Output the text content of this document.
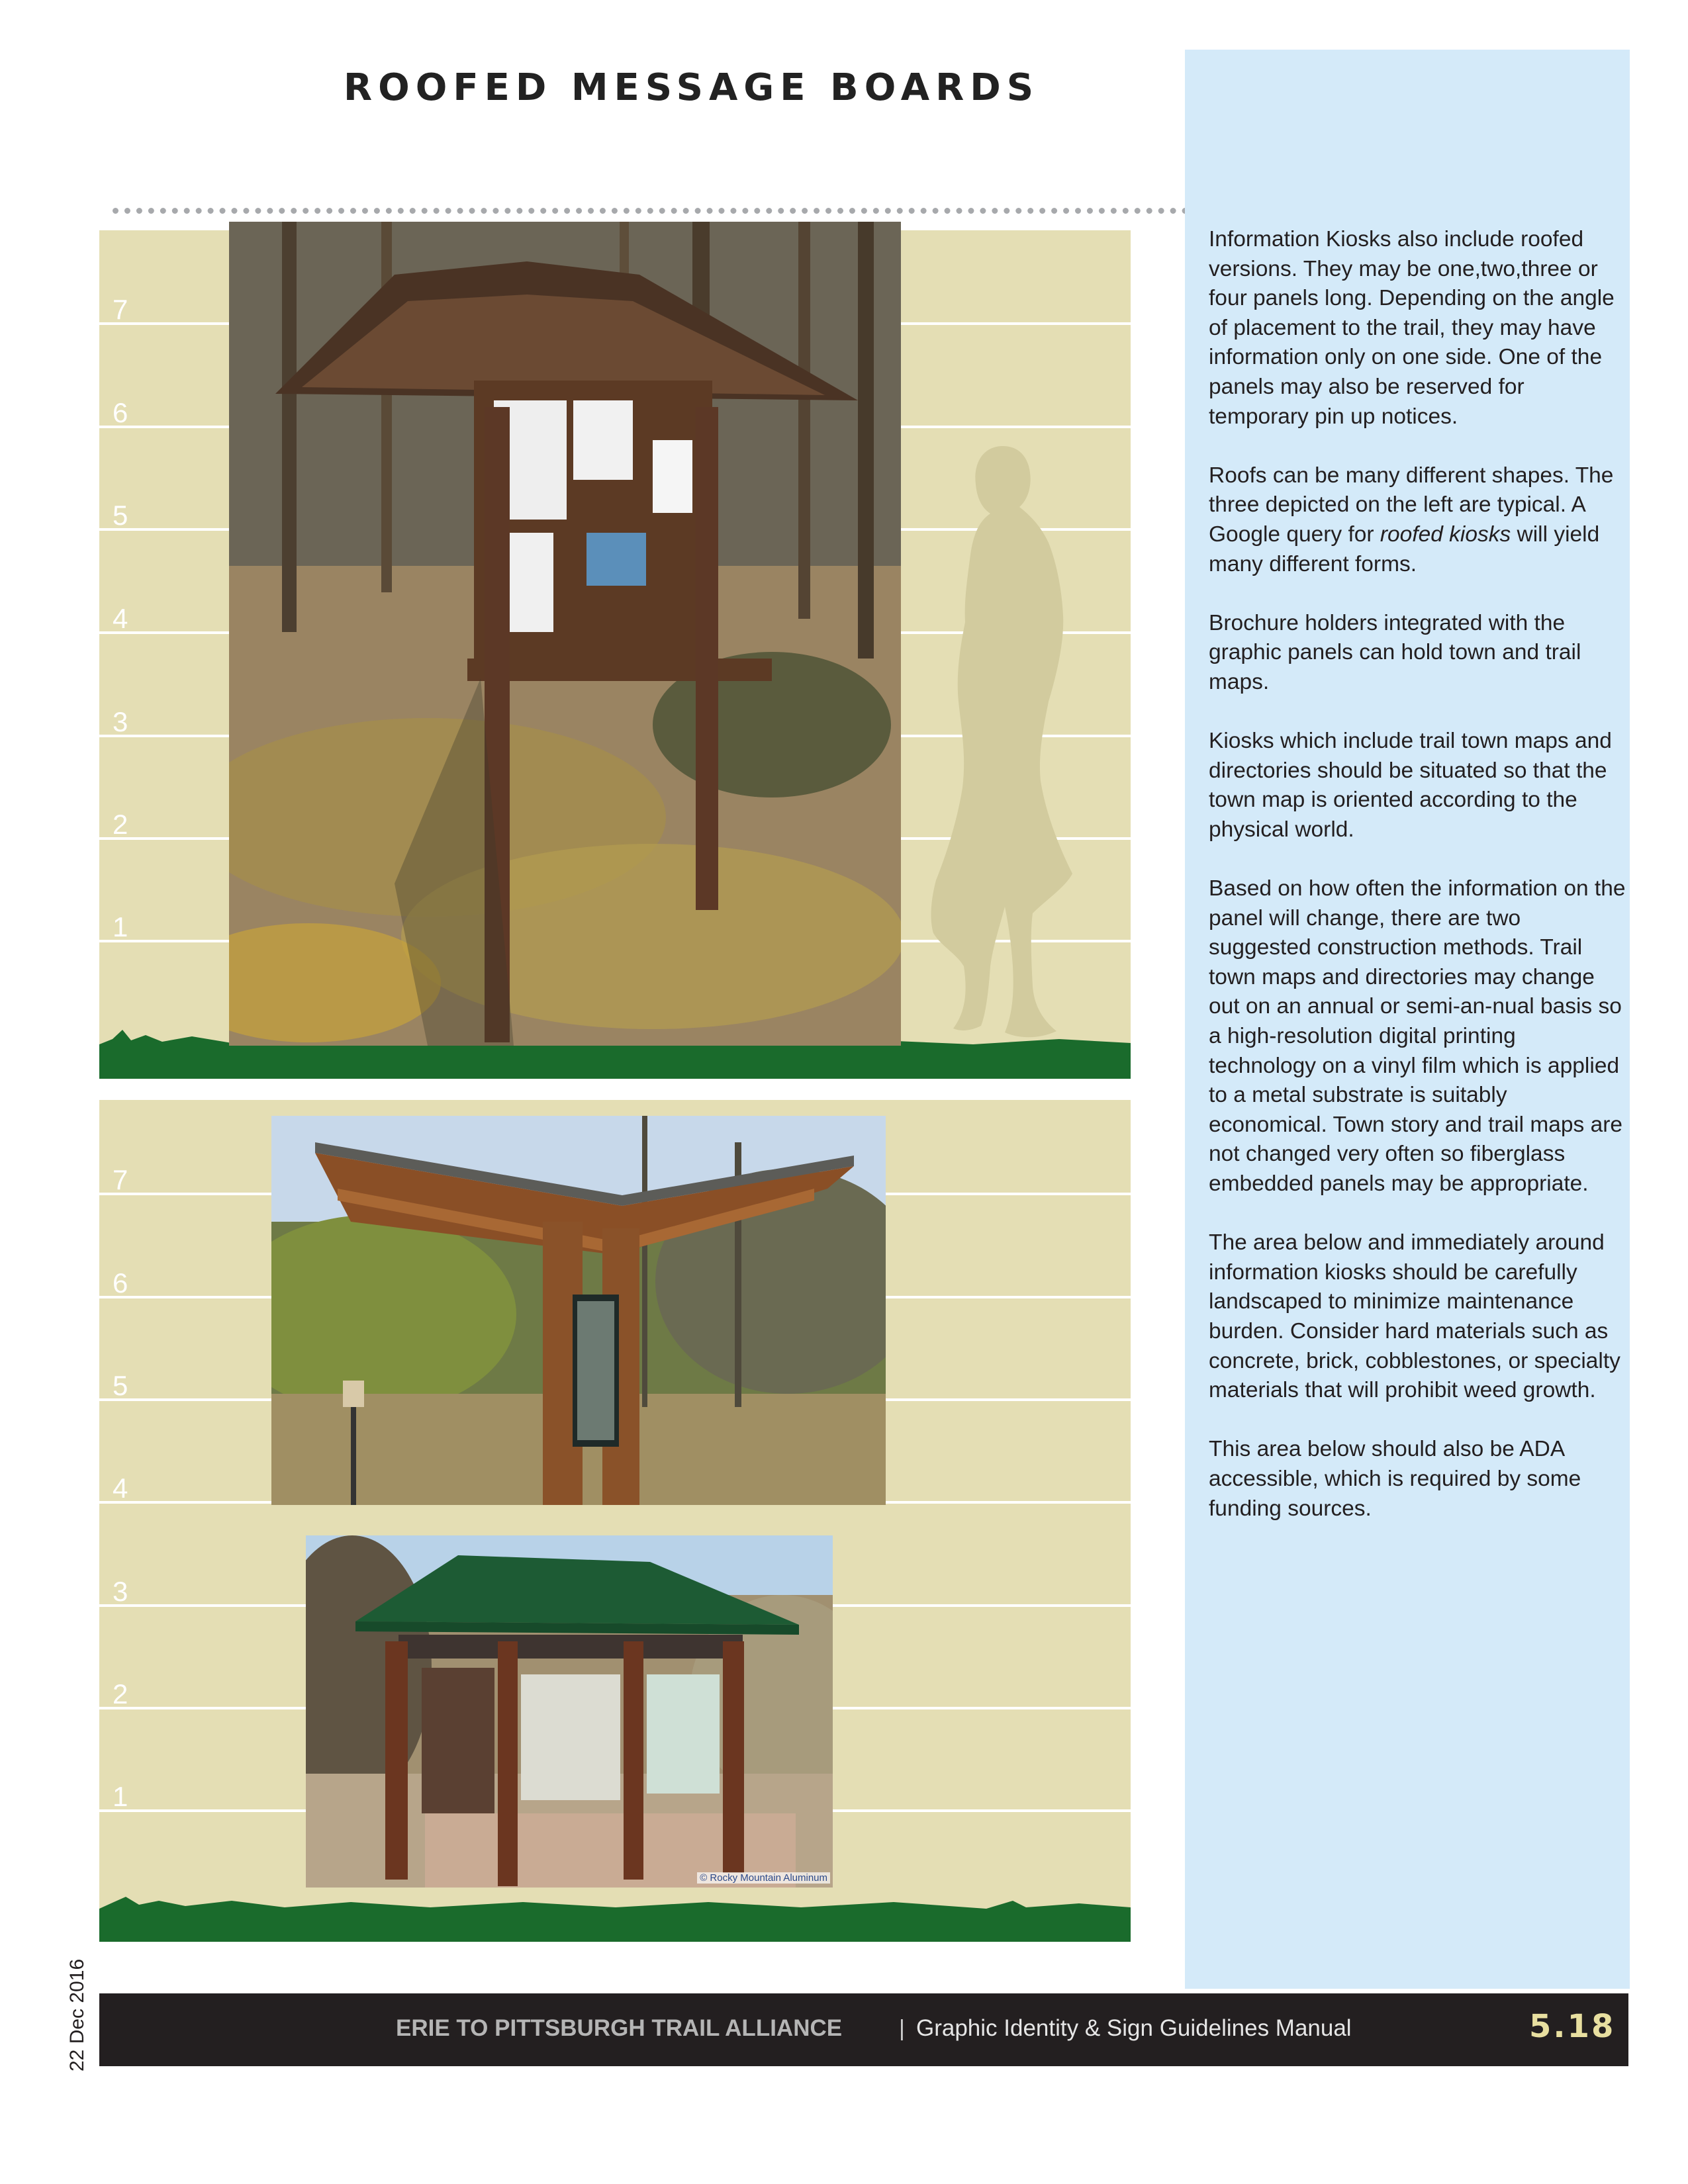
ROOFED MESSAGE BOARDS

Information Kiosks also include roofed versions. They may be one,two,three or four panels long. Depending on the angle of placement to the trail, they may have information only on one side. One of the panels may also be reserved for temporary pin up notices.

Roofs can be many different shapes. The three depicted on the left are typical. A Google query for roofed kiosks will yield many different forms.

Brochure holders integrated with the graphic panels can hold town and trail maps.

Kiosks which include trail town maps and directories should be situated so that the town map is oriented according to the physical world.

Based on how often the information on the panel will change, there are two suggested construction methods. Trail town maps and directories may change out on an annual or semi-an-nual basis so a high-resolution digital printing technology on a vinyl film which is applied to a metal substrate is suitably economical. Town story and trail maps are not changed very often so fiberglass embedded panels may be appropriate.

The area below and immediately around information kiosks should be carefully landscaped to minimize maintenance burden. Consider hard materials such as concrete, brick, cobblestones, or specialty materials that will prohibit weed growth.

This area below should also be ADA accessible, which is required by some funding sources.

7
6
5
4
3
2
1
7
6
5
4
3
2
1
© Rocky Mountain Aluminum
22 Dec 2016	ERIE TO PITTSBURGH TRAIL ALLIANCE	| Graphic Identity & Sign Guidelines Manual	5.18
